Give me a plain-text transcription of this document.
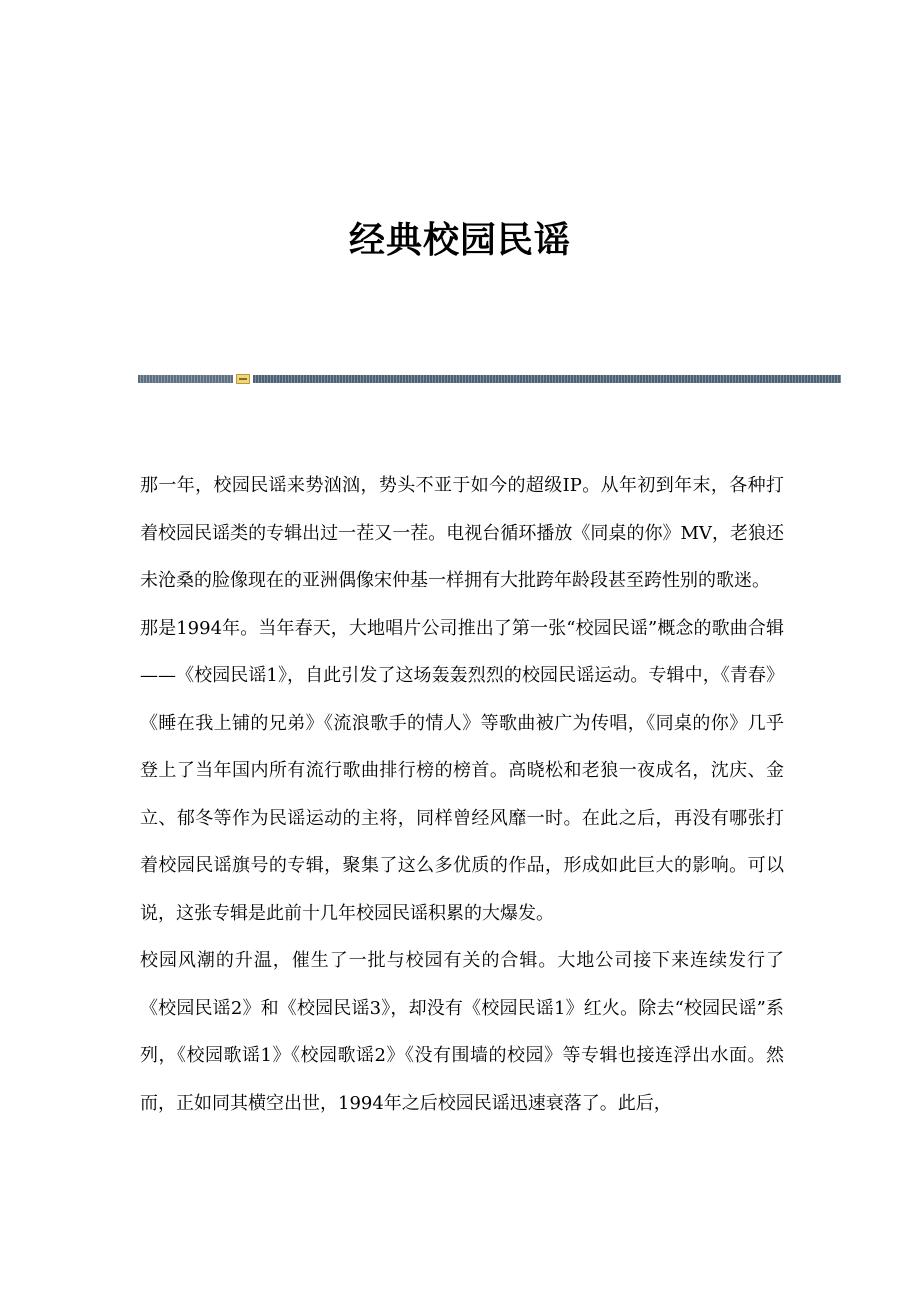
经典校园民谣

那一年，校园民谣来势汹汹，势头不亚于如今的超级IP。从年初到年末，各种打着校园民谣类的专辑出过一茬又一茬。电视台循环播放《同桌的你》MV，老狼还未沧桑的脸像现在的亚洲偶像宋仲基一样拥有大批跨年龄段甚至跨性别的歌迷。

那是1994年。当年春天，大地唱片公司推出了第一张“校园民谣”概念的歌曲合辑——《校园民谣1》，自此引发了这场轰轰烈烈的校园民谣运动。专辑中，《青春》《睡在我上铺的兄弟》《流浪歌手的情人》等歌曲被广为传唱，《同桌的你》几乎登上了当年国内所有流行歌曲排行榜的榜首。高晓松和老狼一夜成名，沈庆、金立、郁冬等作为民谣运动的主将，同样曾经风靡一时。在此之后，再没有哪张打着校园民谣旗号的专辑，聚集了这么多优质的作品，形成如此巨大的影响。可以说，这张专辑是此前十几年校园民谣积累的大爆发。

校园风潮的升温，催生了一批与校园有关的合辑。大地公司接下来连续发行了《校园民谣2》和《校园民谣3》，却没有《校园民谣1》红火。除去“校园民谣”系列，《校园歌谣1》《校园歌谣2》《没有围墙的校园》等专辑也接连浮出水面。然而，正如同其横空出世，1994年之后校园民谣迅速衰落了。此后，
